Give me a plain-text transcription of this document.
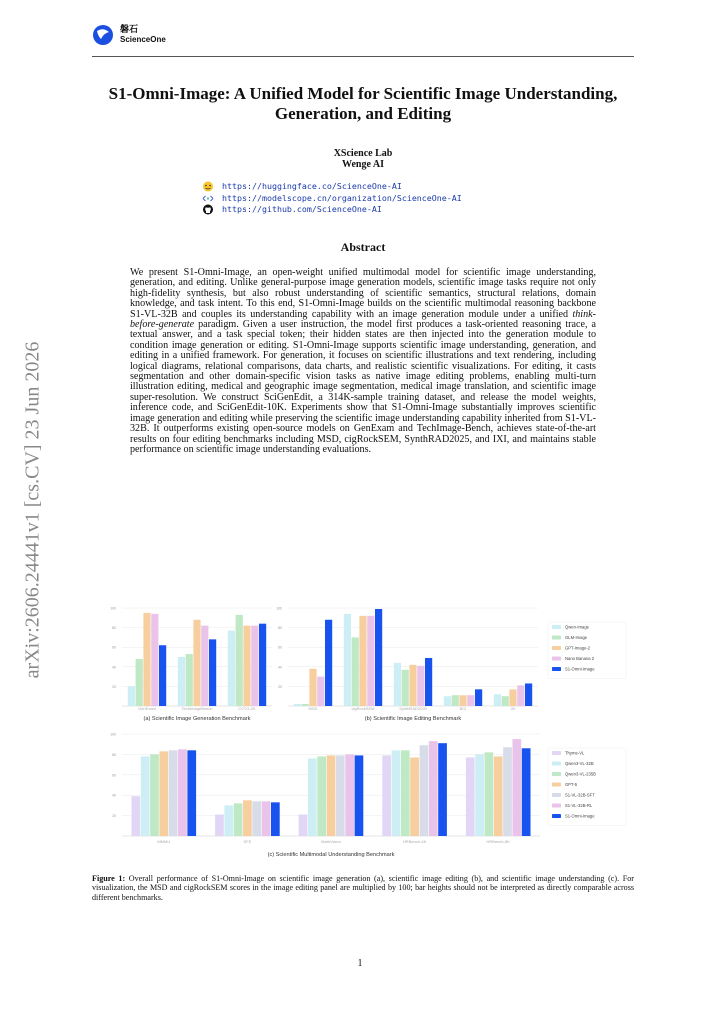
磐石
ScienceOne
arXiv:2606.24441v1 [cs.CV] 23 Jun 2026
S1-Omni-Image: A Unified Model for Scientific Image Understanding, Generation, and Editing
XScience Lab
Wenge AI
https://huggingface.co/ScienceOne-AI
https://modelscope.cn/organization/ScienceOne-AI
https://github.com/ScienceOne-AI
Abstract
We present S1-Omni-Image, an open-weight unified multimodal model for scientific image understanding, generation, and editing. Unlike general-purpose image generation models, scientific image tasks require not only high-fidelity synthesis, but also robust understanding of scientific semantics, structural relations, domain knowledge, and task intent. To this end, S1-Omni-Image builds on the scientific multimodal reasoning backbone S1-VL-32B and couples its understanding capability with an image generation module under a unified think-before-generate paradigm. Given a user instruction, the model first produces a task-oriented reasoning trace, a textual answer, and a task special token; their hidden states are then injected into the generation module to condition image generation or editing. S1-Omni-Image supports scientific image understanding, generation, and editing in a unified framework. For generation, it focuses on scientific illustrations and text rendering, including logical diagrams, relational comparisons, data charts, and realistic scientific visualizations. For editing, it casts segmentation and other domain-specific vision tasks as native image editing problems, enabling multi-turn illustration editing, medical and geographic image segmentation, medical image translation, and scientific image super-resolution. We construct SciGenEdit, a 314K-sample training dataset, and release the model weights, inference code, and SciGenEdit-10K. Experiments show that S1-Omni-Image substantially improves scientific image generation and editing while preserving the scientific image understanding capability inherited from S1-VL-32B. It outperforms existing open-source models on GenExam and TechImage-Bench, achieves state-of-the-art results on four editing benchmarks including MSD, cigRockSEM, SynthRAD2025, and IXI, and maintains stable performance on scientific image understanding evaluations.
20
40
60
80
100
GenExam	TechImageBench	CVTG-2K
(a) Scientific Image Generation Benchmark
20
40
60
80
100
MSD	cigRockSEM	SynthRAD2025	BCI	IXI
(b) Scientific Image Editing Benchmark
Qwen-Image
GLM-Image
GPT-Image-2
Nano Banana 2
S1-Omni-Image
20
40
60
80
100
MMMU	SFE	MathVision	HRBench-4K	HRBench-8K
(c) Scientific Multimodal Understanding Benchmark
Thyme-VL
Qwen3-VL-32B
Qwen3-VL-235B
GPT-5
S1-VL-32B-SFT
S1-VL-32B-RL
S1-Omni-Image
Figure 1: Overall performance of S1-Omni-Image on scientific image generation (a), scientific image editing (b), and scientific image understanding (c). For visualization, the MSD and cigRockSEM scores in the image editing panel are multiplied by 100; bar heights should not be interpreted as directly comparable across different benchmarks.
1
